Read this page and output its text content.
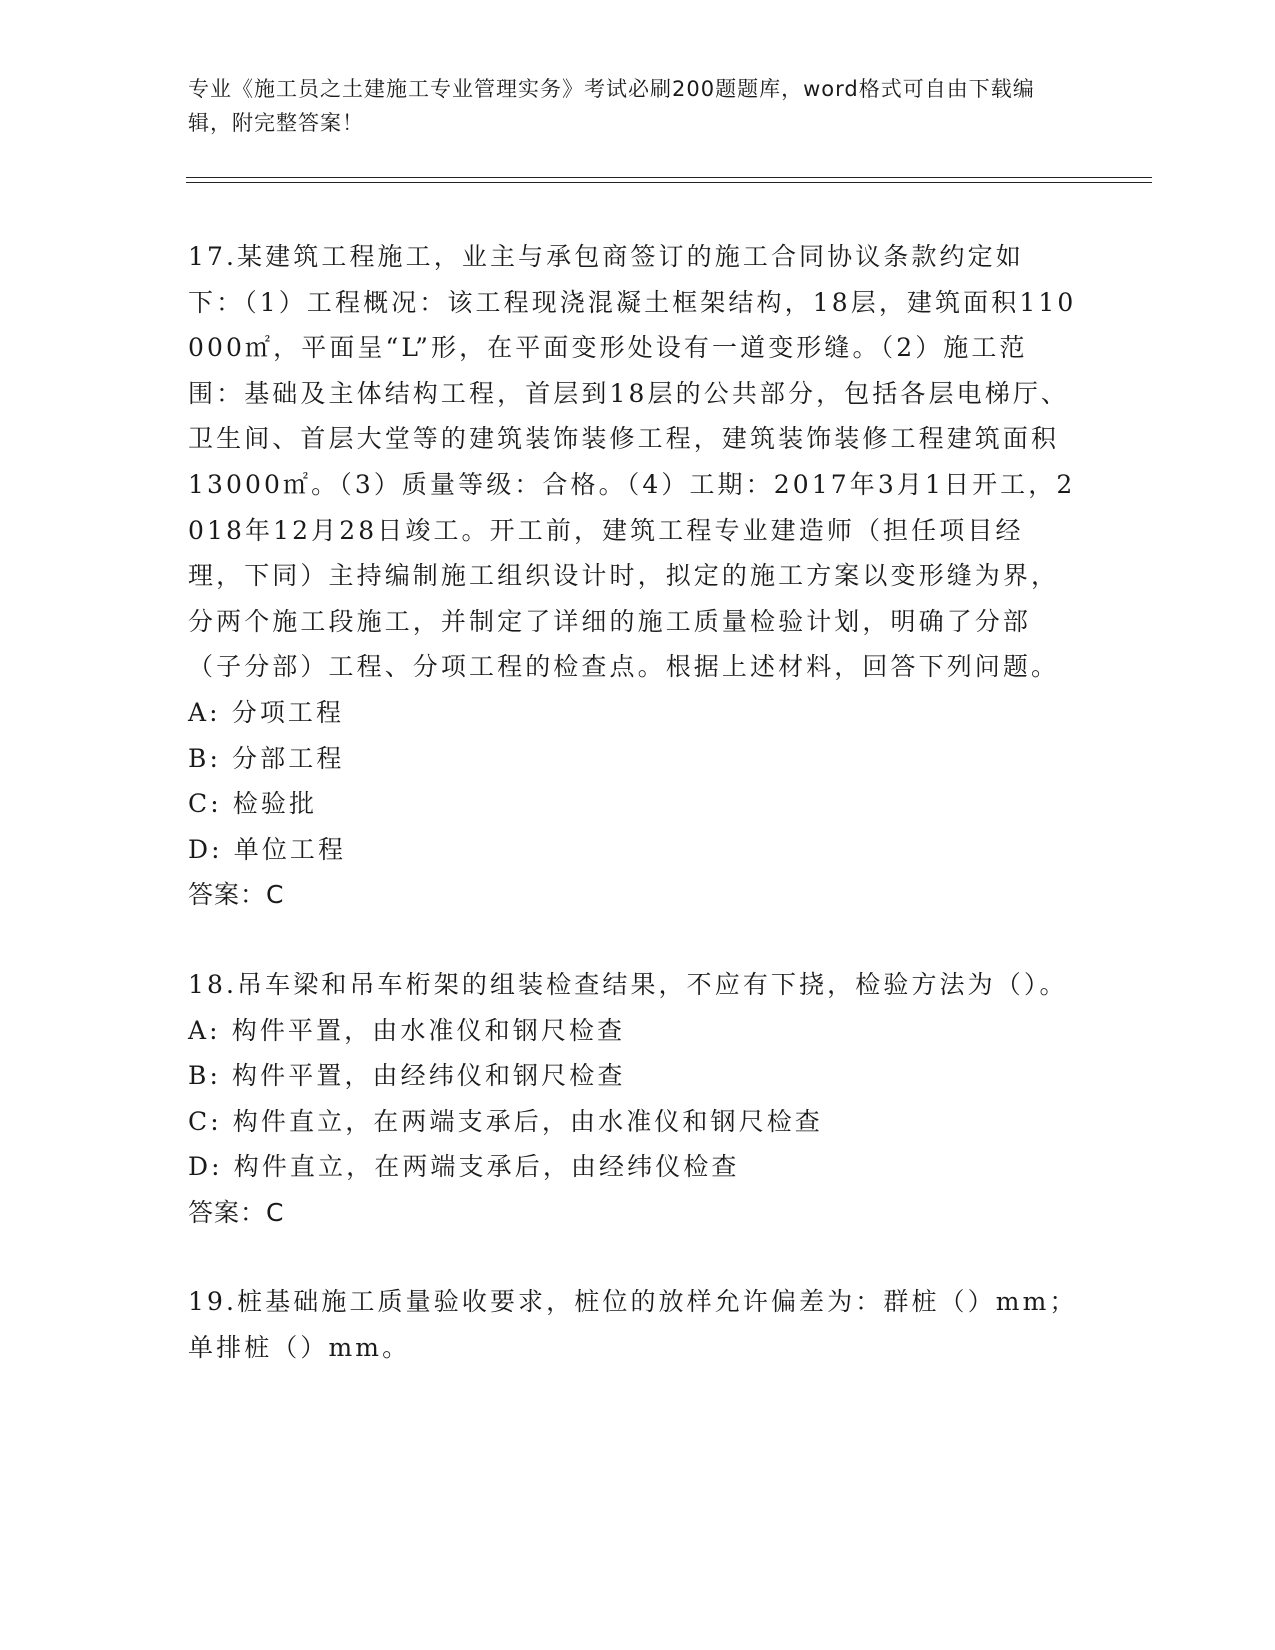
专业《施工员之土建施工专业管理实务》考试必刷200题题库，word格式可自由下载编辑，附完整答案！

17.某建筑工程施工，业主与承包商签订的施工合同协议条款约定如下：（1）工程概况：该工程现浇混凝土框架结构，18层，建筑面积110000㎡，平面呈“L”形，在平面变形处设有一道变形缝。（2）施工范围：基础及主体结构工程，首层到18层的公共部分，包括各层电梯厅、卫生间、首层大堂等的建筑装饰装修工程，建筑装饰装修工程建筑面积13000㎡。（3）质量等级：合格。（4）工期：2017年3月1日开工，2018年12月28日竣工。开工前，建筑工程专业建造师（担任项目经理，下同）主持编制施工组织设计时，拟定的施工方案以变形缝为界，分两个施工段施工，并制定了详细的施工质量检验计划，明确了分部（子分部）工程、分项工程的检查点。根据上述材料，回答下列问题。

A: 分项工程

B: 分部工程

C: 检验批

D: 单位工程

答案：C

18.吊车梁和吊车桁架的组装检查结果，不应有下挠，检验方法为（）。

A: 构件平置，由水准仪和钢尺检查

B: 构件平置，由经纬仪和钢尺检查

C: 构件直立，在两端支承后，由水准仪和钢尺检查

D: 构件直立，在两端支承后，由经纬仪检查

答案：C

19.桩基础施工质量验收要求，桩位的放样允许偏差为：群桩（）mm；单排桩（）mm。
